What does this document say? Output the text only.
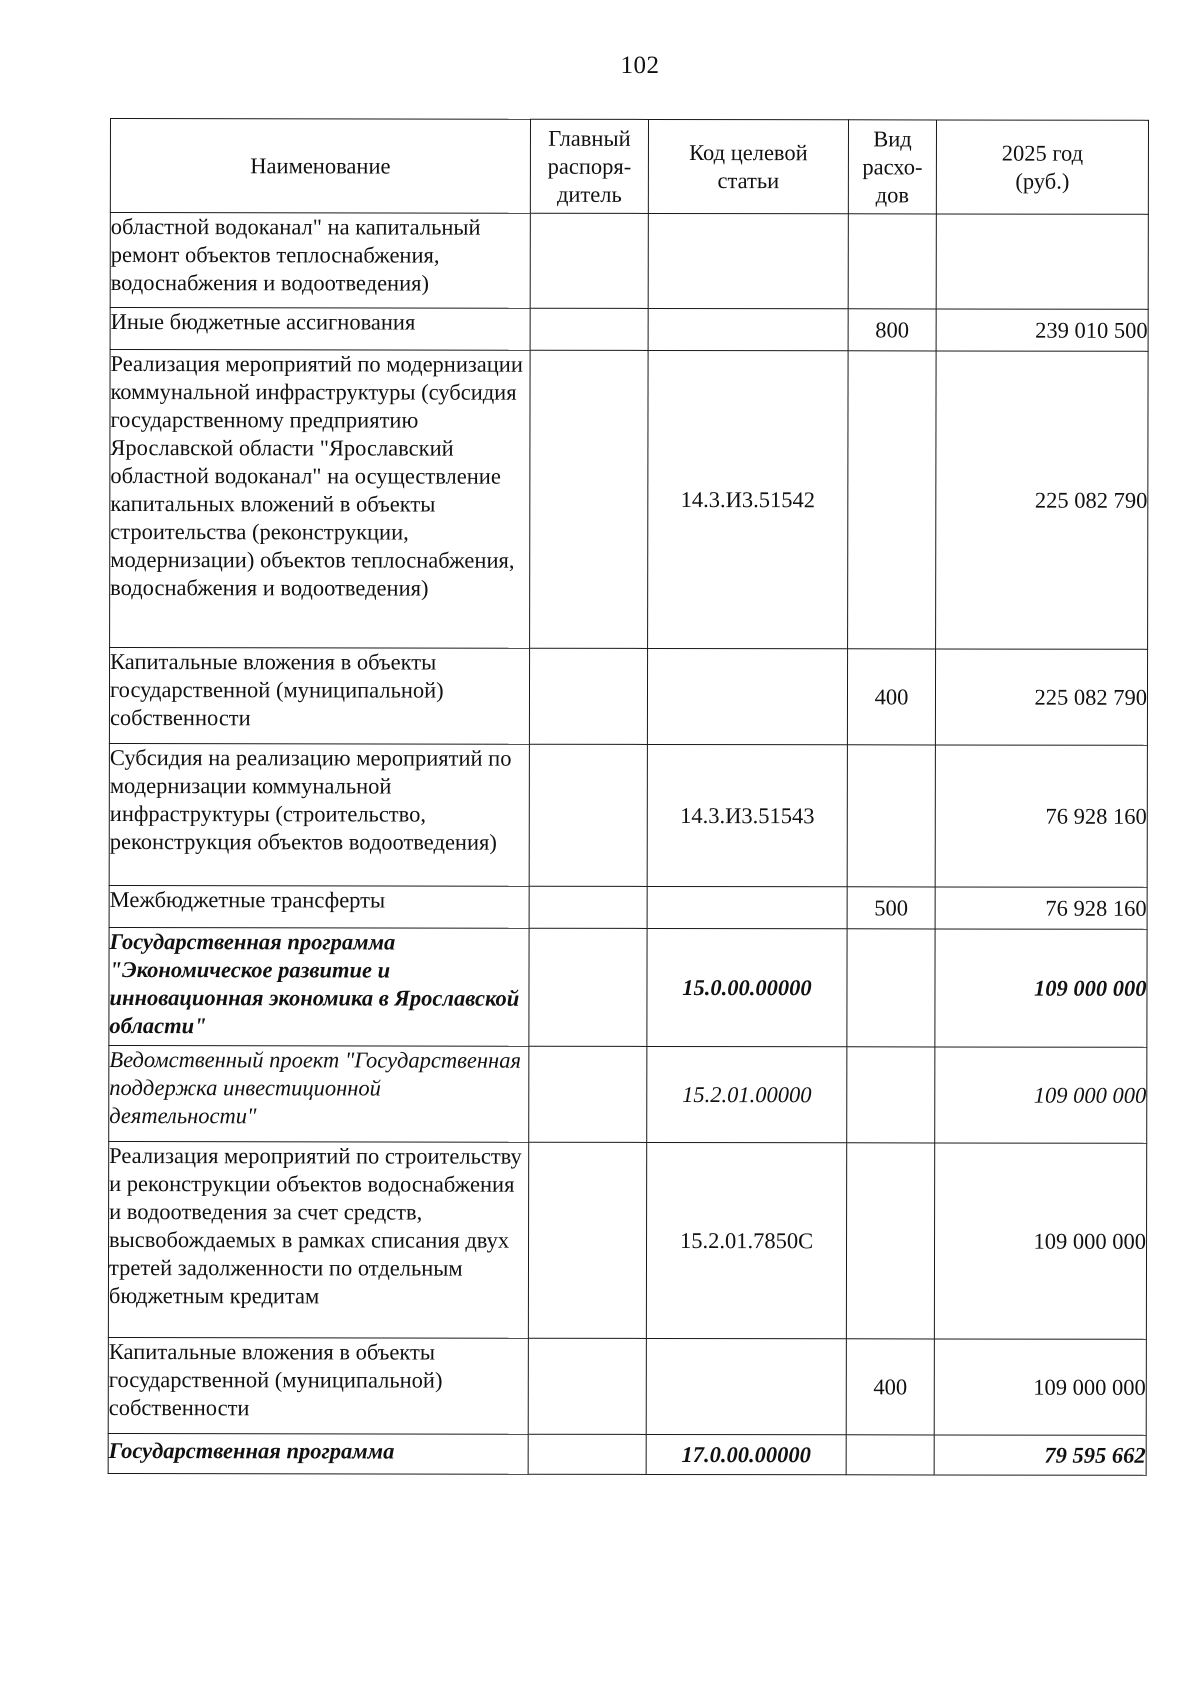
102
Наименование	Главный распоря-дитель	Код целевой статьи	Вид расхо-дов	2025 год (руб.)
областной водоканал" на капитальный ремонт объектов теплоснабжения, водоснабжения и водоотведения)				
Иные бюджетные ассигнования			800	239 010 500
Реализация мероприятий по модернизации коммунальной инфраструктуры (субсидия государственному предприятию Ярославской области "Ярославский областной водоканал" на осуществление капитальных вложений в объекты строительства (реконструкции, модернизации) объектов теплоснабжения, водоснабжения и водоотведения)		14.3.И3.51542		225 082 790
Капитальные вложения в объекты государственной (муниципальной) собственности			400	225 082 790
Субсидия на реализацию мероприятий по модернизации коммунальной инфраструктуры (строительство, реконструкция объектов водоотведения)		14.3.И3.51543		76 928 160
Межбюджетные трансферты			500	76 928 160
Государственная программа "Экономическое развитие и инновационная экономика в Ярославской области"		15.0.00.00000		109 000 000
Ведомственный проект "Государственная поддержка инвестиционной деятельности"		15.2.01.00000		109 000 000
Реализация мероприятий по строительству и реконструкции объектов водоснабжения и водоотведения за счет средств, высвобождаемых в рамках списания двух третей задолженности по отдельным бюджетным кредитам		15.2.01.7850С		109 000 000
Капитальные вложения в объекты государственной (муниципальной) собственности			400	109 000 000
Государственная программа		17.0.00.00000		79 595 662
